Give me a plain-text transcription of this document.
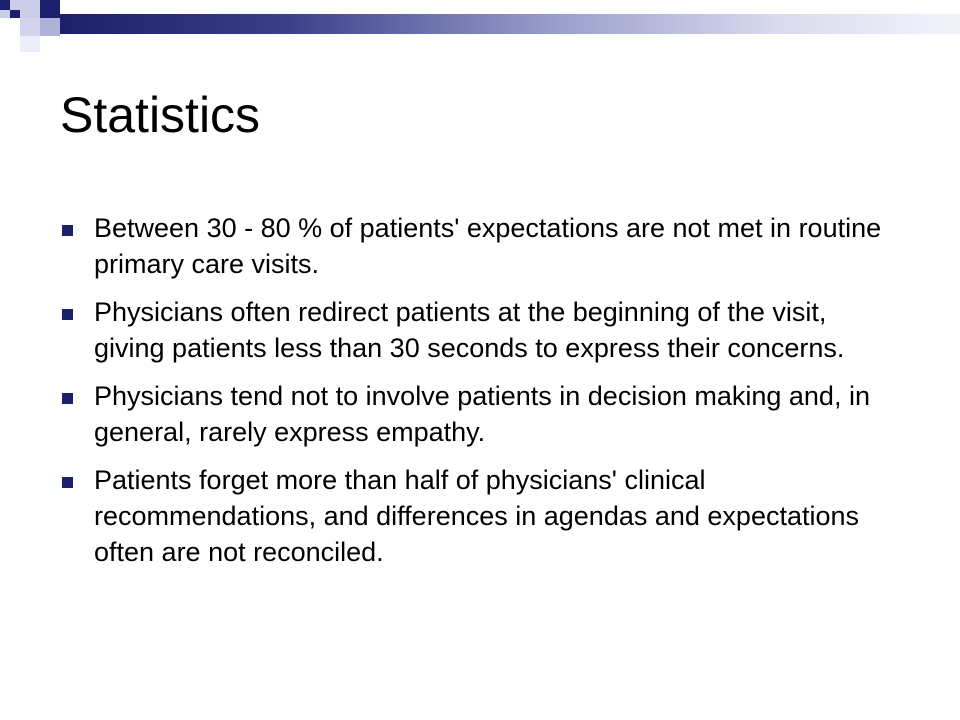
Statistics
Between 30 - 80 % of patients' expectations are not met in routine primary care visits.
Physicians often redirect patients at the beginning of the visit, giving patients less than 30 seconds to express their concerns.
Physicians tend not to involve patients in decision making and, in general, rarely express empathy.
Patients forget more than half of physicians' clinical recommendations, and differences in agendas and expectations often are not reconciled.
